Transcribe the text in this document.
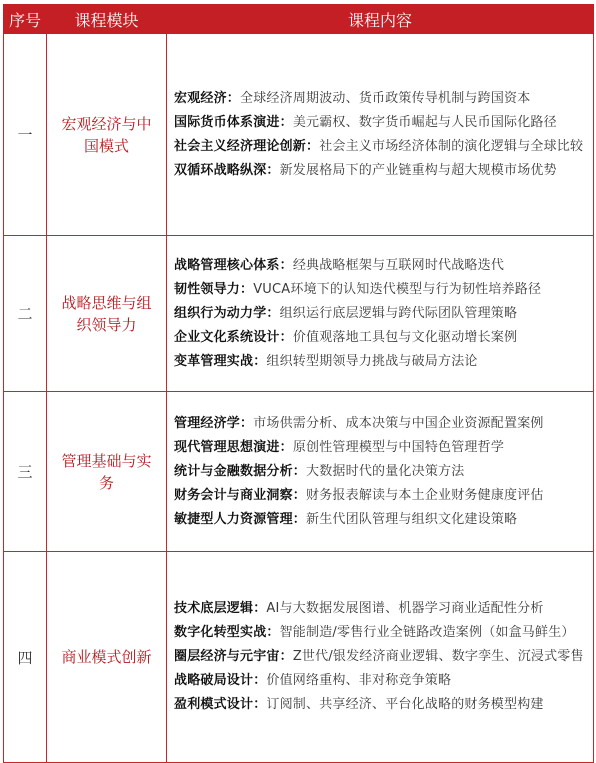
序号	课程模块	课程内容
一	宏观经济与中国模式	宏观经济：全球经济周期波动、货币政策传导机制与跨国资本
国际货币体系演进：美元霸权、数字货币崛起与人民币国际化路径
社会主义经济理论创新：社会主义市场经济体制的演化逻辑与全球比较
双循环战略纵深：新发展格局下的产业链重构与超大规模市场优势

二	战略思维与组织领导力	战略管理核心体系：经典战略框架与互联网时代战略迭代
韧性领导力：VUCA环境下的认知迭代模型与行为韧性培养路径
组织行为动力学：组织运行底层逻辑与跨代际团队管理策略
企业文化系统设计：价值观落地工具包与文化驱动增长案例
变革管理实战：组织转型期领导力挑战与破局方法论

三	管理基础与实务	管理经济学：市场供需分析、成本决策与中国企业资源配置案例
现代管理思想演进：原创性管理模型与中国特色管理哲学
统计与金融数据分析：大数据时代的量化决策方法
财务会计与商业洞察：财务报表解读与本土企业财务健康度评估
敏捷型人力资源管理：新生代团队管理与组织文化建设策略

四	商业模式创新	技术底层逻辑：AI与大数据发展图谱、机器学习商业适配性分析
数字化转型实战：智能制造/零售行业全链路改造案例（如盒马鲜生）
圈层经济与元宇宙：Z世代/银发经济商业逻辑、数字孪生、沉浸式零售
战略破局设计：价值网络重构、非对称竞争策略
盈利模式设计：订阅制、共享经济、平台化战略的财务模型构建
